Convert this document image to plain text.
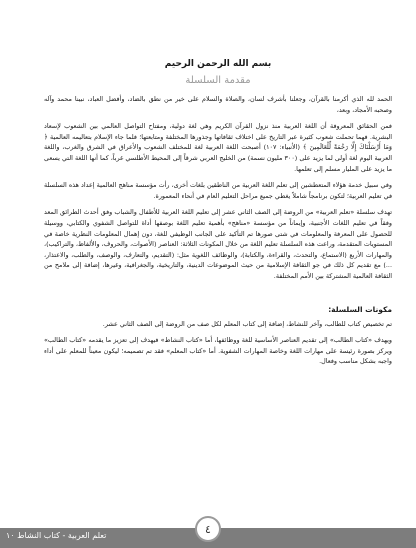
بسم الله الرحمن الرحيم
مقدمة السلسلة

الحمد لله الذي أكرمنا بالقرآن، وجعلنا بأشرف لسان، والصلاة والسلام على خير من نطق بالضاد، وأفضل العباد، نبينا محمد وآله وصحبه الأمجاد، وبعد،

فمن الحقائق المعروفة أن اللغة العربية منذ نزول القرآن الكريم وهي لغة دولية، ومفتاح التواصل العالمي بين الشعوب لإسعاد البشرية. فهما تحملت شعوب كثيرة عبر التاريخ على اختلاف ثقافاتها وجذورها المختلفة ومتابعتها؛ فلما جاء الإسلام بتعاليمه العالمية ﴿ وَمَا أَرْسَلْنَاكَ إِلَّا رَحْمَةً لِّلْعَالَمِينَ ﴾ (الأنبياء: ١٠٧) أصبحت اللغة العربية لغة للمختلف الشعوب والأعراق في الشرق والغرب، واللغة العربية اليوم لغة أولى لما يزيد على (٣٠٠ مليون نسمة) من الخليج العربي شرقاً إلى المحيط الأطلسي غرباً، كما أنها اللغة التي يسعى ما يزيد على المليار مسلم إلى تعلمها.

وفي سبيل خدمة هؤلاء المتعطشين إلى تعلم اللغة العربية من الناطقين بلغات أخرى، رأت مؤسسة مناهج العالمية إعداد هذه السلسلة في تعليم العربية؛ لتكون برنامجاً شاملاً يغطي جميع مراحل التعليم العام في أنحاء المعمورة.

تهدف سلسلة «تعلم العربية» من الروضة إلى الصف الثاني عشر إلى تعليم اللغة العربية للأطفال والشباب وفق أحدث الطرائق المعد وفقاً في تعليم اللغات الأجنبية، وإيماناً من مؤسسة «مناهج» بأهمية تعليم اللغة بوصفها أداة للتواصل الشفوي والكتابي، ووسيلة للحصول على المعرفة والمعلومات في شتى صورها تم التأكيد على الجانب الوظيفي للغة، دون إهمال المعلومات النظرية خاصة في المستويات المتقدمة، وراعت هذه السلسلة تعليم اللغة من خلال المكونات الثلاثة: العناصر (الأصوات، والحروف، والألفاظ، والتراكيب)، والمهارات الأربع (الاستماع، والتحدث، والقراءة، والكتابة)، والوظائف اللغوية مثل: (التقديم، والتعارف، والوصف، والطلب، والاعتذار، ...) مع تقديم كل ذلك في جو الثقافة الإسلامية من حيث الموضوعات الدينية، والتاريخية، والجغرافية، وغيرها، إضافة إلى ملامح من الثقافة العالمية المشتركة بين الأمم المختلفة.

مكونات السلسلة:

تم تخصيص كتاب للطالب، وآخر للنشاط، إضافة إلى كتاب المعلم لكل صف من الروضة إلى الصف الثاني عشر.

ويهدف «كتاب الطالب» إلى تقديم العناصر الأساسية للغة ووظائفها، أما «كتاب النشاط» فيهدف إلى تعزيز ما يقدمه «كتاب الطالب» ويركز بصورة رئيسة على مهارات اللغة وخاصة المهارات الشفوية. أما «كتاب المعلم» فقد تم تصميمه؛ ليكون معيناً للمعلم على أداء واجبه بشكل مناسب وفعال.

تعلم العربية - كتاب النشاط ١٠	٤
